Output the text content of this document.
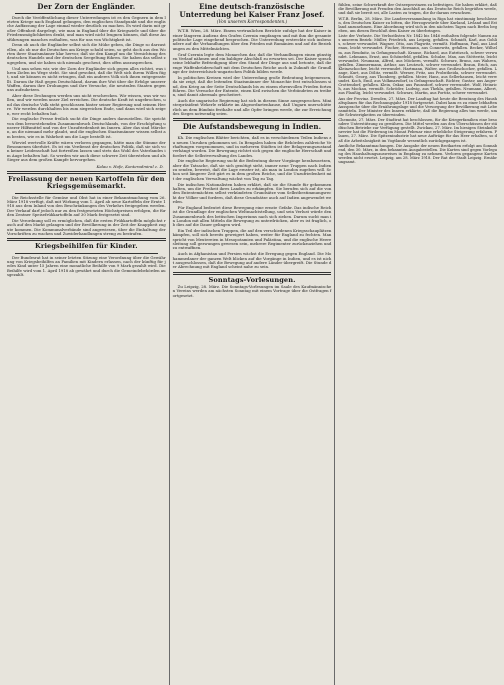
Der Zorn der Engländer.

Durch die Veröffentlichung dieser Unterredungen ist es den Gegnern in dem letzten Kriege nach England gelungen, den englischen Standpunkt und die englische Auffassung der Lage einmal wieder deutlich zu machen. Es wird darin mit großer Offenheit dargelegt, wie man in England über die Kriegsziele und über die Friedensmöglichkeiten denkt, und man wird nicht leugnen können, daß diese Ausführungen manches enthalten, was für uns von Wichtigkeit ist.

Denn ob auch die Engländer selbst sich die Mühe geben, die Dinge so darzustellen, als ob nur die Deutschen am Kriege schuld seien, so geht doch aus den Worten ihrer Staatsmänner klar hervor, daß sie den Kampf um die Vernichtung des deutschen Handels und der deutschen Seegeltung führen. Sie haben das selbst zugegeben, und sie haben sich niemals gescheut, dies offen auszusprechen.

Und nun sehen wir, wie der Zorn der Engländer sich gegen alles richtet, was ihren Zielen im Wege steht. Sie sind gewohnt, daß die Welt sich ihrem Willen fügt, und sie können es nicht ertragen, daß ein anderes Volk sich ihnen entgegenstellt. Darum ihr Haß gegen Deutschland, darum ihre Wut über die Erfolge unserer Waffen, darum ihre Drohungen und ihre Versuche, die neutralen Staaten gegen uns aufzuhetzen.

Aber diese Drohungen werden uns nicht erschrecken. Wir wissen, was wir wollen, und wir werden unser Ziel erreichen. Die deutsche Kraft ist ungebrochen, und das deutsche Volk steht geschlossen hinter seiner Regierung und seinem Heere. Wir werden durchhalten bis zum siegreichen Ende, und dann wird sich zeigen, wer recht behalten hat.

Die englische Presse freilich sucht die Dinge anders darzustellen. Sie spricht von dem bevorstehenden Zusammenbruch Deutschlands, von der Erschöpfung unserer Hilfsmittel und von der Unzufriedenheit im Innern. Aber das sind Märchen, an die niemand mehr glaubt, und die englischen Staatsmänner wissen selbst am besten, wie es in Wahrheit um die Lage bestellt ist.

Wieviel wertvolle Kräfte wären verloren gegangen, hätte man die Stimme der Besonnenen überhört. Es ist ein Verdienst der deutschen Politik, daß sie sich von keiner Leidenschaft hat fortreißen lassen und stets das Wohl des Vaterlandes im Auge behalten hat. So werden wir auch diese schwere Zeit überstehen und als Sieger aus dem großen Kampfe hervorgehen.

Kalau v. Hofe, Konteradmiral z. D.
Freilassung der neuen Kartoffeln für den Kriegsgemüsemarkt.

Die Reichsstelle für Gemüse und Obst hat in einer Bekanntmachung vom 26. März 1918 verfügt, daß mit Wirkung vom 1. April ab neue Kartoffeln der Ernte 1918 aus dem Inland von den Beschränkungen des Verkehrs freigegeben werden. Der Verkauf darf jedoch nur zu den festgesetzten Höchstpreisen erfolgen, die für den Zentner Speisefrühkartoffeln auf 30 Mark festgesetzt sind.

Die Verordnung soll es ermöglichen, daß die ersten Frühkartoffeln möglichst rasch auf den Markt gelangen und der Bevölkerung in der Zeit der Knappheit zugute kommen. Die Kommunalverbände sind angewiesen, über die Einhaltung der Vorschriften zu wachen und Zuwiderhandlungen streng zu bestrafen.

Kriegsbeihilfen für Kinder.

Der Bundesrat hat in seiner letzten Sitzung eine Verordnung über die Gewährung von Kriegsbeihilfen an Familien mit Kindern erlassen, nach der künftig für jedes Kind unter 15 Jahren eine monatliche Beihilfe von 9 Mark gezahlt wird. Die Beihilfe wird vom 1. April 1918 ab gewährt und durch die Gemeindebehörden ausgezahlt.

Eine deutsch-französische Unterredung bei Kaiser Franz Josef.
(Von unserem Korrespondenten.)

W.T.B. Wien, 28. März. Einem vertraulichen Berichte zufolge hat der Kaiser in einer längeren Audienz den Grafen Czernin empfangen und mit ihm die gesamte politische Lage eingehend besprochen. Die Unterredung erstreckte sich insbesondere auf die Verhandlungen über den Frieden mit Rumänien und auf die Beziehungen zu den Mittelmächten.

Graf Czernin legte dem Monarchen dar, daß die Verhandlungen einen günstigen Verlauf nähmen und ein baldiger Abschluß zu erwarten sei. Der Kaiser sprach seine lebhafte Befriedigung über den Stand der Dinge aus und betonte, daß die enge Waffenbrüderschaft mit dem Deutschen Reiche auch in Zukunft die Grundlage der österreichisch-ungarischen Politik bilden werde.

In politischen Kreisen wird der Unterredung große Bedeutung beigemessen, da sie zeigt, daß die leitenden Staatsmänner der Monarchie fest entschlossen sind, den Krieg an der Seite Deutschlands bis zu einem ehrenvollen Frieden fortzuführen. Die Versuche der Entente, einen Keil zwischen die Verbündeten zu treiben, sind damit abermals gescheitert.

Auch die ungarische Regierung hat sich in diesem Sinne ausgesprochen. Ministerpräsident Wekerle erklärte im Abgeordnetenhause, daß Ungarn unerschütterlich an dem Bündnis festhalte und alle Opfer bringen werde, die zur Erreichung des Sieges notwendig seien.

Die Aufstandsbewegung in Indien.

Kh. Die englischen Blätter berichten, daß es in verschiedenen Teilen Indiens zu neuen Unruhen gekommen sei. In Bengalen haben die Behörden zahlreiche Verhaftungen vorgenommen, und in mehreren Städten ist der Belagerungszustand verhängt worden. Die Bewegung richtet sich gegen die englische Herrschaft und fordert die Selbstverwaltung des Landes.

Die englische Regierung sucht die Bedeutung dieser Vorgänge herabzusetzen, aber die Tatsache, daß sie sich genötigt sieht, immer neue Truppen nach Indien zu senden, beweist, daß die Lage ernster ist, als man in London zugeben will. Schon seit längerer Zeit gärt es in dem großen Reiche, und die Unzufriedenheit mit der englischen Verwaltung wächst von Tag zu Tag.

Die indischen Nationalisten haben erklärt, daß sie die Stunde für gekommen halten, um die Freiheit ihres Landes zu erkämpfen. Sie berufen sich auf die von den Ententemächten selbst verkündeten Grundsätze vom Selbstbestimmungsrecht der Völker und fordern, daß diese Grundsätze auch auf Indien angewendet werden.

Für England bedeutet diese Bewegung eine ernste Gefahr. Das indische Reich ist die Grundlage der englischen Weltmachtstellung, und sein Verlust würde den Zusammenbruch des britischen Imperiums nach sich ziehen. Darum sucht man in London mit allen Mitteln die Bewegung zu unterdrücken, aber es ist fraglich, ob dies auf die Dauer gelingen wird.

Ein Teil der indischen Truppen, die auf den verschiedenen Kriegsschauplätzen kämpfen, soll sich bereits geweigert haben, weiter für England zu fechten. Man spricht von Meutereien in Mesopotamien und Palästina, und die englische Heeresleitung soll gezwungen gewesen sein, mehrere Regimenter zurückzuziehen und zu entwaffnen.

Auch in Afghanistan und Persien wächst die Erregung gegen England. Die Mohammedaner der ganzen Welt blicken auf die Vorgänge in Indien, und es ist nicht ausgeschlossen, daß die Bewegung auf andere Länder übergreift. Die Stunde der Abrechnung mit England scheint nahe zu sein.

Sonntags-Vorlesungen.

Zu Leipzig, 28. März. Die Sonntags-Vorlesungen im Saale des Kaufmännischen Vereins werden am nächsten Sonntag mit einem Vortrage über die Ostfragen fortgesetzt.

fühlen, seine Schwerkraft der Ostseeprovinzen zu befestigen. Sie haben erklärt, daß die Bevölkerung mit Freuden den Anschluß an das Deutsche Reich begrüßen werde, und daß sie bereit sei, alle Lasten zu tragen, die ihr daraus erwachsen.

W.T.B. Berlin, 28. März. Die Landesversammlung in Riga hat einstimmig beschlossen, den Deutschen Kaiser zu bitten, die Herzogswürde über Kurland, Livland und Estland anzunehmen. Eine Abordnung wird sich in den nächsten Tagen nach Berlin begeben, um diesen Beschluß dem Kaiser zu überbringen.

Liste der Verluste. Die Verlustlisten Nr. 1842 bis 1846 enthalten folgende Namen aus unserem Bezirk: Müller, Friedrich, aus Leipzig, gefallen. Schmidt, Karl, aus Gohlis, schwer verwundet. Wagner, Otto, aus Plagwitz, vermißt. Hoffmann, Paul, aus Lindenau, leicht verwundet. Fischer, Hermann, aus Connewitz, gefallen. Becker, Wilhelm, aus Reudnitz, in Gefangenschaft. Krause, Richard, aus Eutritzsch, schwer verwundet. Lehmann, Ernst, aus Schönefeld, gefallen. Schulze, Max, aus Stötteritz, leicht verwundet. Neumann, Alfred, aus Möckern, vermißt. Schwarz, Bruno, aus Wahren, gefallen. Zimmermann, Arthur, aus Leutzsch, schwer verwundet. Braun, Erich, aus Kleinzschocher, leicht verwundet. Hartmann, Walter, aus Großzschocher, gefallen. Lange, Kurt, aus Dölitz, vermißt. Werner, Fritz, aus Probstheida, schwer verwundet. Schmitt, Georg, aus Thonberg, gefallen. Meier, Hans, aus Sellerhausen, leicht verwundet. Koch, Emil, aus Volkmarsdorf, in Gefangenschaft. Richter, Gustav, aus Anger-Crottendorf, gefallen. Klein, Oskar, aus Paunsdorf, schwer verwundet. Wolf, Heinrich, aus Mockau, vermißt. Schröder, Ludwig, aus Thekla, gefallen. Neumann, Albert, aus Plaußig, leicht verwundet. Schwarz, Martin, aus Portitz, schwer verwundet.

Aus der Provinz. Dresden, 27. März. Der Landtag hat heute die Beratung des Haushaltsplanes für das Rechnungsjahr 1918 fortgesetzt. Dabei kam es zu einer lebhaften Aussprache über die Ernährungslage und die Versorgung der Bevölkerung mit Lebensmitteln. Der Minister des Innern erklärte, daß die Regierung alles tun werde, um die Schwierigkeiten zu überwinden.

Chemnitz, 27. März. Der Stadtrat hat beschlossen, für die Kriegerfamilien eine besondere Unterstützung zu gewähren. Die Mittel werden aus den Überschüssen der städtischen Betriebe zur Verfügung gestellt. Zwickau, 27. März. Im hiesigen Steinkohlenrevier hat die Förderung im Monat Februar eine erhebliche Steigerung erfahren. Plauen, 27. März. Die Spitzenindustrie hat neue Aufträge für das Heer erhalten, so daß die Arbeitslosigkeit im Vogtlande wesentlich zurückgegangen ist.

Amtliche Bekanntmachungen. Die Ausgabe der neuen Brotkarten erfolgt am Sonnabend, den 30. März, in den bekannten Ausgabestellen. Die Karten sind gegen Vorlegung des Haushaltungsausweises in Empfang zu nehmen. Verloren gegangene Karten werden nicht ersetzt. Leipzig, am 28. März 1918. Der Rat der Stadt Leipzig. Ernährungsamt.
